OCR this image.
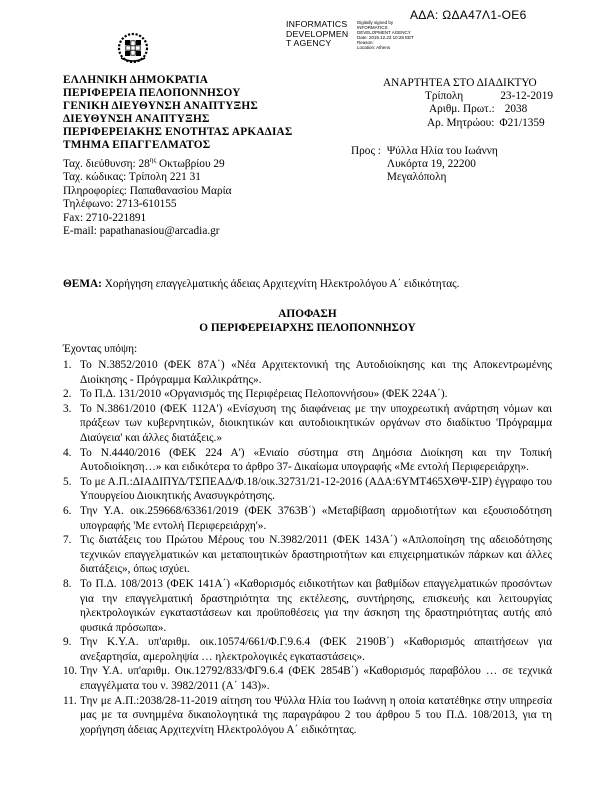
ΑΔΑ: ΩΔΑ47Λ1-ΟΕ6
INFORMATICS
DEVELOPMEN
T AGENCY
Digitally signed by
INFORMATICS
DEVELOPMENT AGENCY
Date: 2019.12.23 10:28 EET
Reason:
Location: Athens
ΕΛΛΗΝΙΚΗ ΔΗΜΟΚΡΑΤΙΑ
ΠΕΡΙΦΕΡΕΙΑ ΠΕΛΟΠΟΝΝΗΣΟΥ
ΓΕΝΙΚΗ ΔΙΕΥΘΥΝΣΗ ΑΝΑΠΤΥΞΗΣ
ΔΙΕΥΘΥΝΣΗ ΑΝΑΠΤΥΞΗΣ
ΠΕΡΙΦΕΡΕΙΑΚΗΣ ΕΝΟΤΗΤΑΣ ΑΡΚΑΔΙΑΣ
ΤΜΗΜΑ ΕΠΑΓΓΕΛΜΑΤΟΣ
Ταχ. διεύθυνση: $28^{\eta\varsigma}$ Οκτωβρίου 29
Ταχ. κώδικας: Τρίπολη 221 31
Πληροφορίες: Παπαθανασίου Μαρία
Τηλέφωνο: 2713-610155
Fax: 2710-221891
E-mail: papathanasiou@arcadia.gr
ΑΝΑΡΤΗΤΕΑ ΣΤΟ ΔΙΑΔΙΚΤΥΟ
Τρίπολη	23-12-2019
Αριθμ. Πρωτ.: 2038
Αρ. Μητρώου: Φ21/1359
Προς : Ψύλλα Ηλία του Ιωάννη
Λυκόρτα 19, 22200
Μεγαλόπολη
ΘΕΜΑ: Χορήγηση επαγγελματικής άδειας Αρχιτεχνίτη Ηλεκτρολόγου Α΄ ειδικότητας.
ΑΠΟΦΑΣΗ
Ο ΠΕΡΙΦΕΡΕΙΑΡΧΗΣ ΠΕΛΟΠΟΝΝΗΣΟΥ
Έχοντας υπόψη:
1. Το Ν.3852/2010 (ΦΕΚ 87Α΄) «Νέα Αρχιτεκτονική της Αυτοδιοίκησης και της Αποκεντρωμένης Διοίκησης - Πρόγραμμα Καλλικράτης».
2. Το Π.Δ. 131/2010 «Οργανισμός της Περιφέρειας Πελοποννήσου» (ΦΕΚ 224Α΄).
3. Το Ν.3861/2010 (ΦΕΚ 112Α') «Ενίσχυση της διαφάνειας με την υποχρεωτική ανάρτηση νόμων και πράξεων των κυβερνητικών, διοικητικών και αυτοδιοικητικών οργάνων στο διαδίκτυο 'Πρόγραμμα Διαύγεια' και άλλες διατάξεις.»
4. Το Ν.4440/2016 (ΦΕΚ 224 Α') «Ενιαίο σύστημα στη Δημόσια Διοίκηση και την Τοπική Αυτοδιοίκηση…» και ειδικότερα το άρθρο 37- Δικαίωμα υπογραφής «Με εντολή Περιφερειάρχη».
5. Το με Α.Π.:ΔΙΑΔΙΠΥΔ/ΤΣΠΕΑΔ/Φ.18/οικ.32731/21-12-2016 (ΑΔΑ:6ΥΜΤ465ΧΘΨ-ΣΙΡ) έγγραφο του Υπουργείου Διοικητικής Ανασυγκρότησης.
6. Την Υ.Α. οικ.259668/63361/2019 (ΦΕΚ 3763Β΄) «Μεταβίβαση αρμοδιοτήτων και εξουσιοδότηση υπογραφής 'Με εντολή Περιφερειάρχη'».
7. Τις διατάξεις του Πρώτου Μέρους του Ν.3982/2011 (ΦΕΚ 143Α΄) «Απλοποίηση της αδειοδότησης τεχνικών επαγγελματικών και μεταποιητικών δραστηριοτήτων και επιχειρηματικών πάρκων και άλλες διατάξεις», όπως ισχύει.
8. Το Π.Δ. 108/2013 (ΦΕΚ 141Α΄) «Καθορισμός ειδικοτήτων και βαθμίδων επαγγελματικών προσόντων για την επαγγελματική δραστηριότητα της εκτέλεσης, συντήρησης, επισκευής και λειτουργίας ηλεκτρολογικών εγκαταστάσεων και προϋποθέσεις για την άσκηση της δραστηριότητας αυτής από φυσικά πρόσωπα».
9. Την Κ.Υ.Α. υπ'αριθμ. οικ.10574/661/Φ.Γ.9.6.4 (ΦΕΚ 2190Β΄) «Καθορισμός απαιτήσεων για ανεξαρτησία, αμεροληψία … ηλεκτρολογικές εγκαταστάσεις».
10. Την Υ.Α. υπ'αριθμ. Οικ.12792/833/ΦΓ9.6.4 (ΦΕΚ 2854Β΄) «Καθορισμός παραβόλου … σε τεχνικά επαγγέλματα του ν. 3982/2011 (Α΄ 143)».
11. Την με Α.Π.:2038/28-11-2019 αίτηση του Ψύλλα Ηλία του Ιωάννη η οποία κατατέθηκε στην υπηρεσία μας με τα συνημμένα δικαιολογητικά της παραγράφου 2 του άρθρου 5 του Π.Δ. 108/2013, για τη χορήγηση άδειας Αρχιτεχνίτη Ηλεκτρολόγου Α΄ ειδικότητας.
